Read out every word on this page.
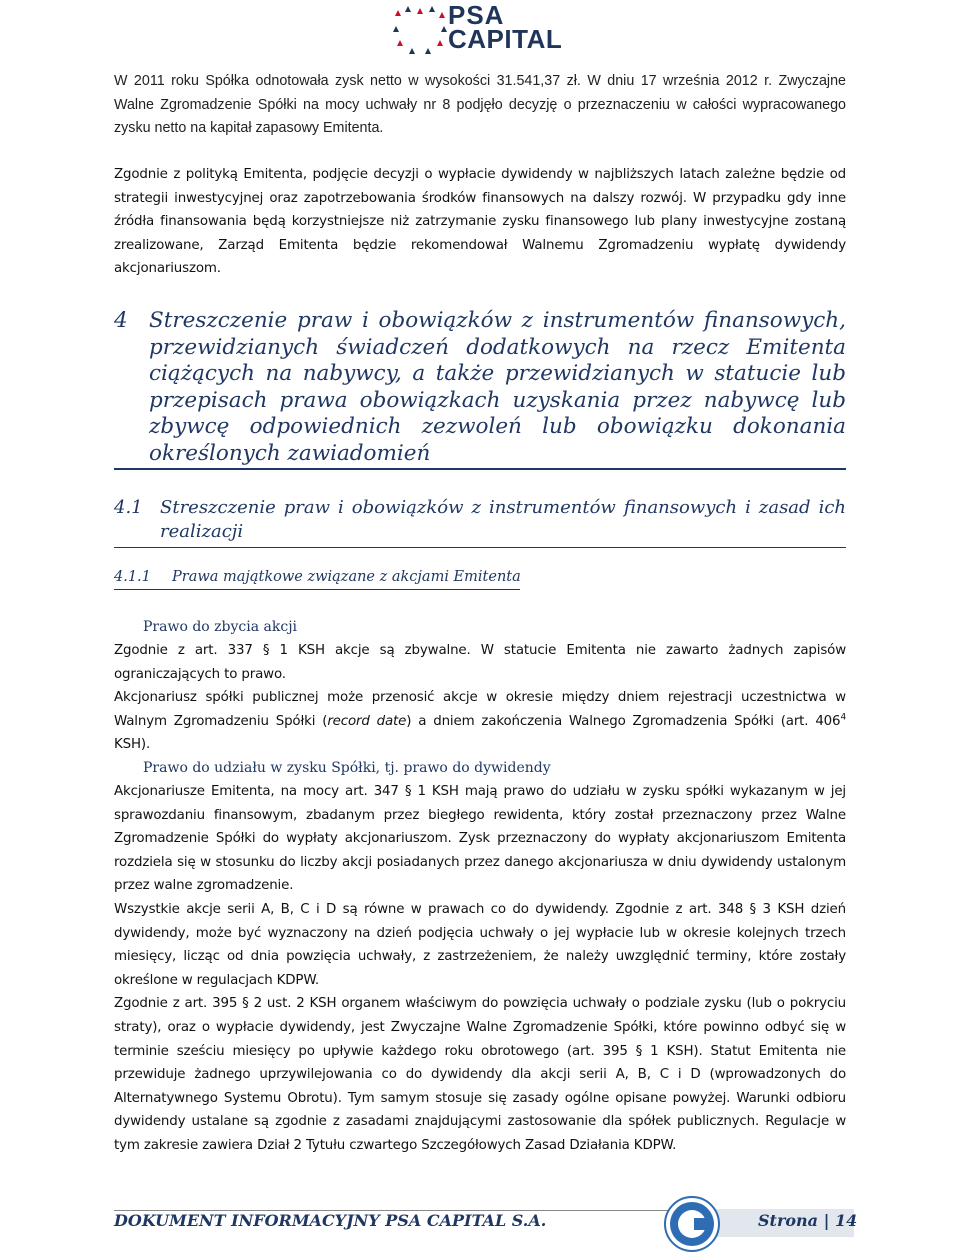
PSA
CAPITAL

W 2011 roku Spółka odnotowała zysk netto w wysokości 31.541,37 zł. W dniu 17 września 2012 r. Zwyczajne Walne Zgromadzenie Spółki na mocy uchwały nr 8 podjęło decyzję o przeznaczeniu w całości wypracowanego zysku netto na kapitał zapasowy Emitenta.

Zgodnie z polityką Emitenta, podjęcie decyzji o wypłacie dywidendy w najbliższych latach zależne będzie od strategii inwestycyjnej oraz zapotrzebowania środków finansowych na dalszy rozwój. W przypadku gdy inne źródła finansowania będą korzystniejsze niż zatrzymanie zysku finansowego lub plany inwestycyjne zostaną zrealizowane, Zarząd Emitenta będzie rekomendował Walnemu Zgromadzeniu wypłatę dywidendy akcjonariuszom.

4 Streszczenie praw i obowiązków z instrumentów finansowych, przewidzianych świadczeń dodatkowych na rzecz Emitenta ciążących na nabywcy, a także przewidzianych w statucie lub przepisach prawa obowiązkach uzyskania przez nabywcę lub zbywcę odpowiednich zezwoleń lub obowiązku dokonania określonych zawiadomień
4.1 Streszczenie praw i obowiązków z instrumentów finansowych i zasad ich realizacji
4.1.1 Prawa majątkowe związane z akcjami Emitenta
Prawo do zbycia akcji

Zgodnie z art. 337 § 1 KSH akcje są zbywalne. W statucie Emitenta nie zawarto żadnych zapisów ograniczających to prawo.

Akcjonariusz spółki publicznej może przenosić akcje w okresie między dniem rejestracji uczestnictwa w Walnym Zgromadzeniu Spółki (record date) a dniem zakończenia Walnego Zgromadzenia Spółki (art. $406^4$ KSH).

Prawo do udziału w zysku Spółki, tj. prawo do dywidendy

Akcjonariusze Emitenta, na mocy art. 347 § 1 KSH mają prawo do udziału w zysku spółki wykazanym w jej sprawozdaniu finansowym, zbadanym przez biegłego rewidenta, który został przeznaczony przez Walne Zgromadzenie Spółki do wypłaty akcjonariuszom. Zysk przeznaczony do wypłaty akcjonariuszom Emitenta rozdziela się w stosunku do liczby akcji posiadanych przez danego akcjonariusza w dniu dywidendy ustalonym przez walne zgromadzenie.

Wszystkie akcje serii A, B, C i D są równe w prawach co do dywidendy. Zgodnie z art. 348 § 3 KSH dzień dywidendy, może być wyznaczony na dzień podjęcia uchwały o jej wypłacie lub w okresie kolejnych trzech miesięcy, licząc od dnia powzięcia uchwały, z zastrzeżeniem, że należy uwzględnić terminy, które zostały określone w regulacjach KDPW.

Zgodnie z art. 395 § 2 ust. 2 KSH organem właściwym do powzięcia uchwały o podziale zysku (lub o pokryciu straty), oraz o wypłacie dywidendy, jest Zwyczajne Walne Zgromadzenie Spółki, które powinno odbyć się w terminie sześciu miesięcy po upływie każdego roku obrotowego (art. 395 § 1 KSH). Statut Emitenta nie przewiduje żadnego uprzywilejowania co do dywidendy dla akcji serii A, B, C i D (wprowadzonych do Alternatywnego Systemu Obrotu). Tym samym stosuje się zasady ogólne opisane powyżej. Warunki odbioru dywidendy ustalane są zgodnie z zasadami znajdującymi zastosowanie dla spółek publicznych. Regulacje w tym zakresie zawiera Dział 2 Tytułu czwartego Szczegółowych Zasad Działania KDPW.

DOKUMENT INFORMACYJNY PSA CAPITAL S.A.	Strona | 14
